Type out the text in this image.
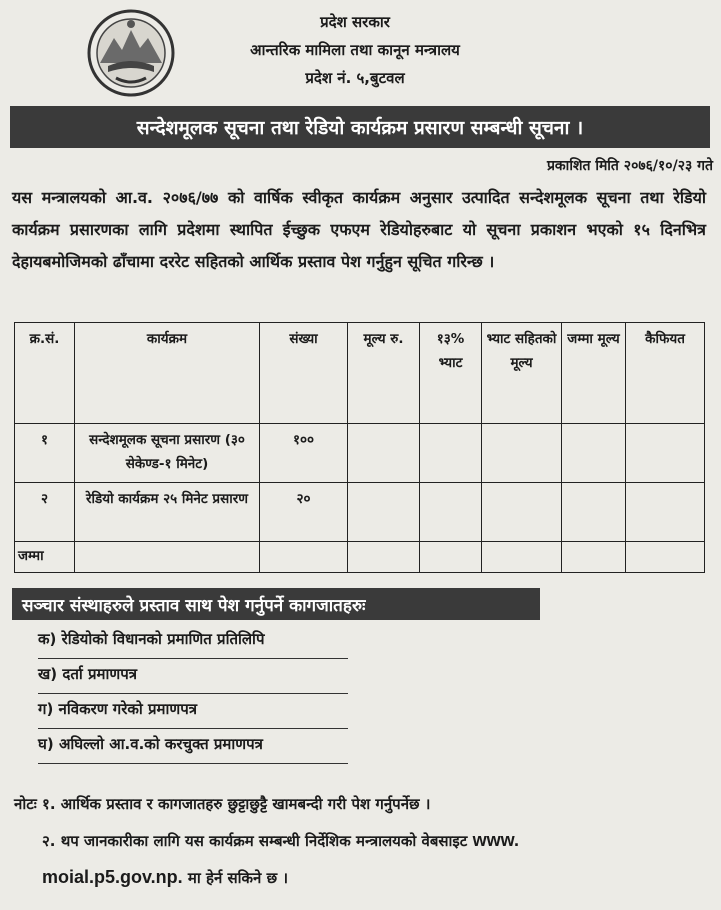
प्रदेश सरकार
आन्तरिक मामिला तथा कानून मन्त्रालय
प्रदेश नं. ५,बुटवल
सन्देशमूलक सूचना तथा रेडियो कार्यक्रम प्रसारण सम्बन्धी सूचना ।
प्रकाशित मिति २०७६/१०/२३ गते
यस मन्त्रालयको आ.व. २०७६/७७ को वार्षिक स्वीकृत कार्यक्रम अनुसार उत्पादित सन्देशमूलक सूचना तथा रेडियो कार्यक्रम प्रसारणका लागि प्रदेशमा स्थापित ईच्छुक एफएम रेडियोहरुबाट यो सूचना प्रकाशन भएको १५ दिनभित्र देहायबमोजिमको ढाँचामा दररेट सहितको आर्थिक प्रस्ताव पेश गर्नुहुन सूचित गरिन्छ ।
क्र.सं.	कार्यक्रम	संख्या	मूल्य रु.	१३% भ्याट	भ्याट सहितको मूल्य	जम्मा मूल्य	कैफियत
१	सन्देशमूलक सूचना प्रसारण (३० सेकेण्ड-१ मिनेट)	१००					
२	रेडियो कार्यक्रम २५ मिनेट प्रसारण	२०					
जम्मा							
सञ्चार संस्थाहरुले प्रस्ताव साथ पेश गर्नुपर्ने कागजातहरुः
क) रेडियोको विधानको प्रमाणित प्रतिलिपि
ख) दर्ता प्रमाणपत्र
ग) नविकरण गरेको प्रमाणपत्र
घ) अघिल्लो आ.व.को करचुक्त प्रमाणपत्र
नोटः १. आर्थिक प्रस्ताव र कागजातहरु छुट्टाछुट्टै खामबन्दी गरी पेश गर्नुपर्नेछ ।
२. थप जानकारीका लागि यस कार्यक्रम सम्बन्धी निर्देशिक मन्त्रालयको वेबसाइट www.
moial.p5.gov.np. मा हेर्न सकिने छ ।
